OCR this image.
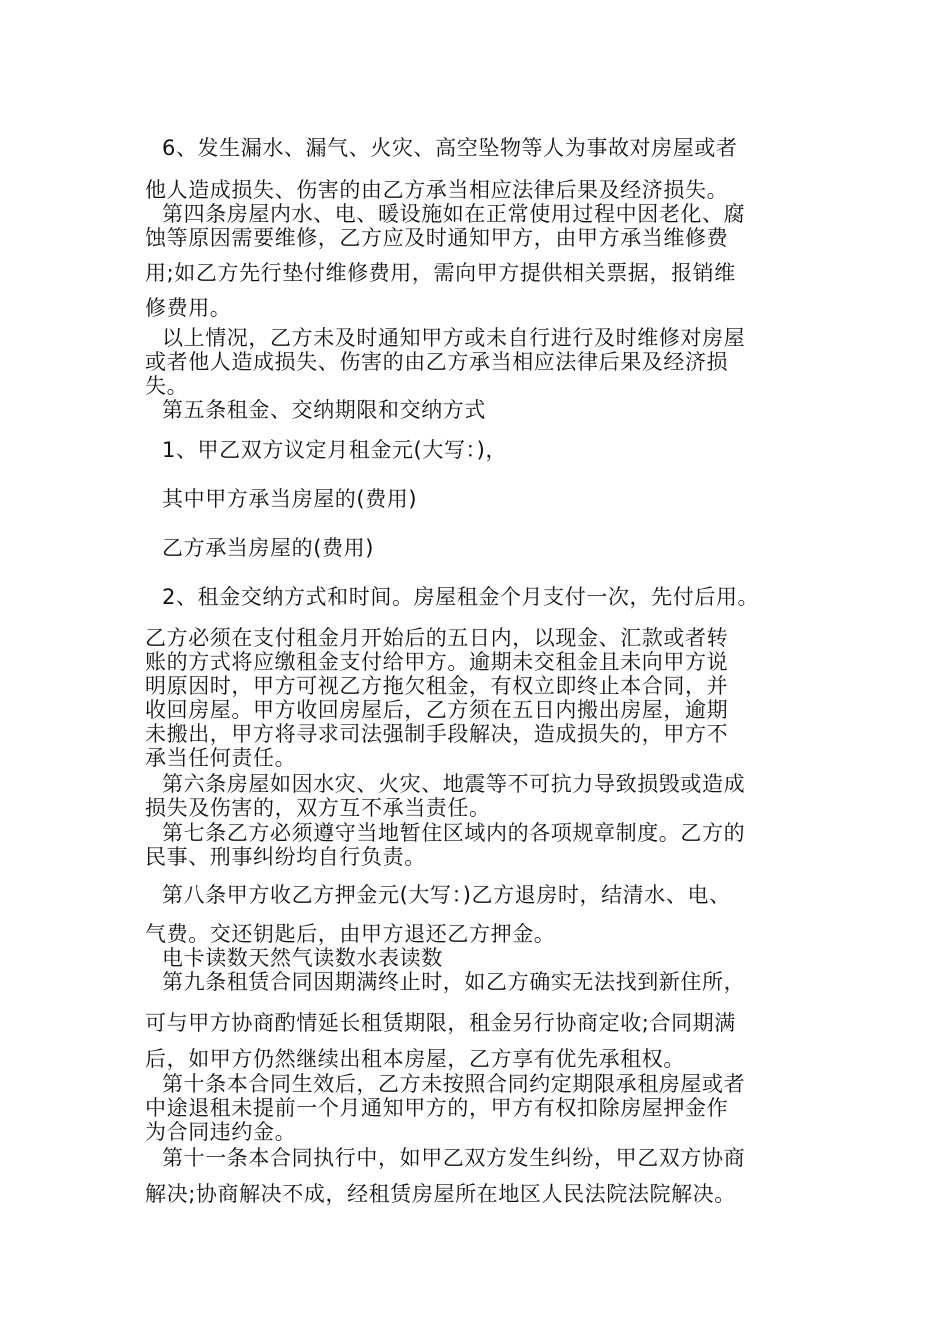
6、发生漏水、漏气、火灾、高空坠物等人为事故对房屋或者
他人造成损失、伤害的由乙方承当相应法律后果及经济损失。
第四条房屋内水、电、暖设施如在正常使用过程中因老化、腐
蚀等原因需要维修，乙方应及时通知甲方，由甲方承当维修费
用;如乙方先行垫付维修费用，需向甲方提供相关票据，报销维
修费用。
以上情况，乙方未及时通知甲方或未自行进行及时维修对房屋
或者他人造成损失、伤害的由乙方承当相应法律后果及经济损
失。
第五条租金、交纳期限和交纳方式
1、甲乙双方议定月租金元(大写：)，
其中甲方承当房屋的(费用)
乙方承当房屋的(费用)
2、租金交纳方式和时间。房屋租金个月支付一次，先付后用。
乙方必须在支付租金月开始后的五日内，以现金、汇款或者转
账的方式将应缴租金支付给甲方。逾期未交租金且未向甲方说
明原因时，甲方可视乙方拖欠租金，有权立即终止本合同，并
收回房屋。甲方收回房屋后，乙方须在五日内搬出房屋，逾期
未搬出，甲方将寻求司法强制手段解决，造成损失的，甲方不
承当任何责任。
第六条房屋如因水灾、火灾、地震等不可抗力导致损毁或造成
损失及伤害的，双方互不承当责任。
第七条乙方必须遵守当地暂住区域内的各项规章制度。乙方的
民事、刑事纠纷均自行负责。
第八条甲方收乙方押金元(大写：)乙方退房时，结清水、电、
气费。交还钥匙后，由甲方退还乙方押金。
电卡读数天然气读数水表读数
第九条租赁合同因期满终止时，如乙方确实无法找到新住所，
可与甲方协商酌情延长租赁期限，租金另行协商定收;合同期满
后，如甲方仍然继续出租本房屋，乙方享有优先承租权。
第十条本合同生效后，乙方未按照合同约定期限承租房屋或者
中途退租未提前一个月通知甲方的，甲方有权扣除房屋押金作
为合同违约金。
第十一条本合同执行中，如甲乙双方发生纠纷，甲乙双方协商
解决;协商解决不成，经租赁房屋所在地区人民法院法院解决。
